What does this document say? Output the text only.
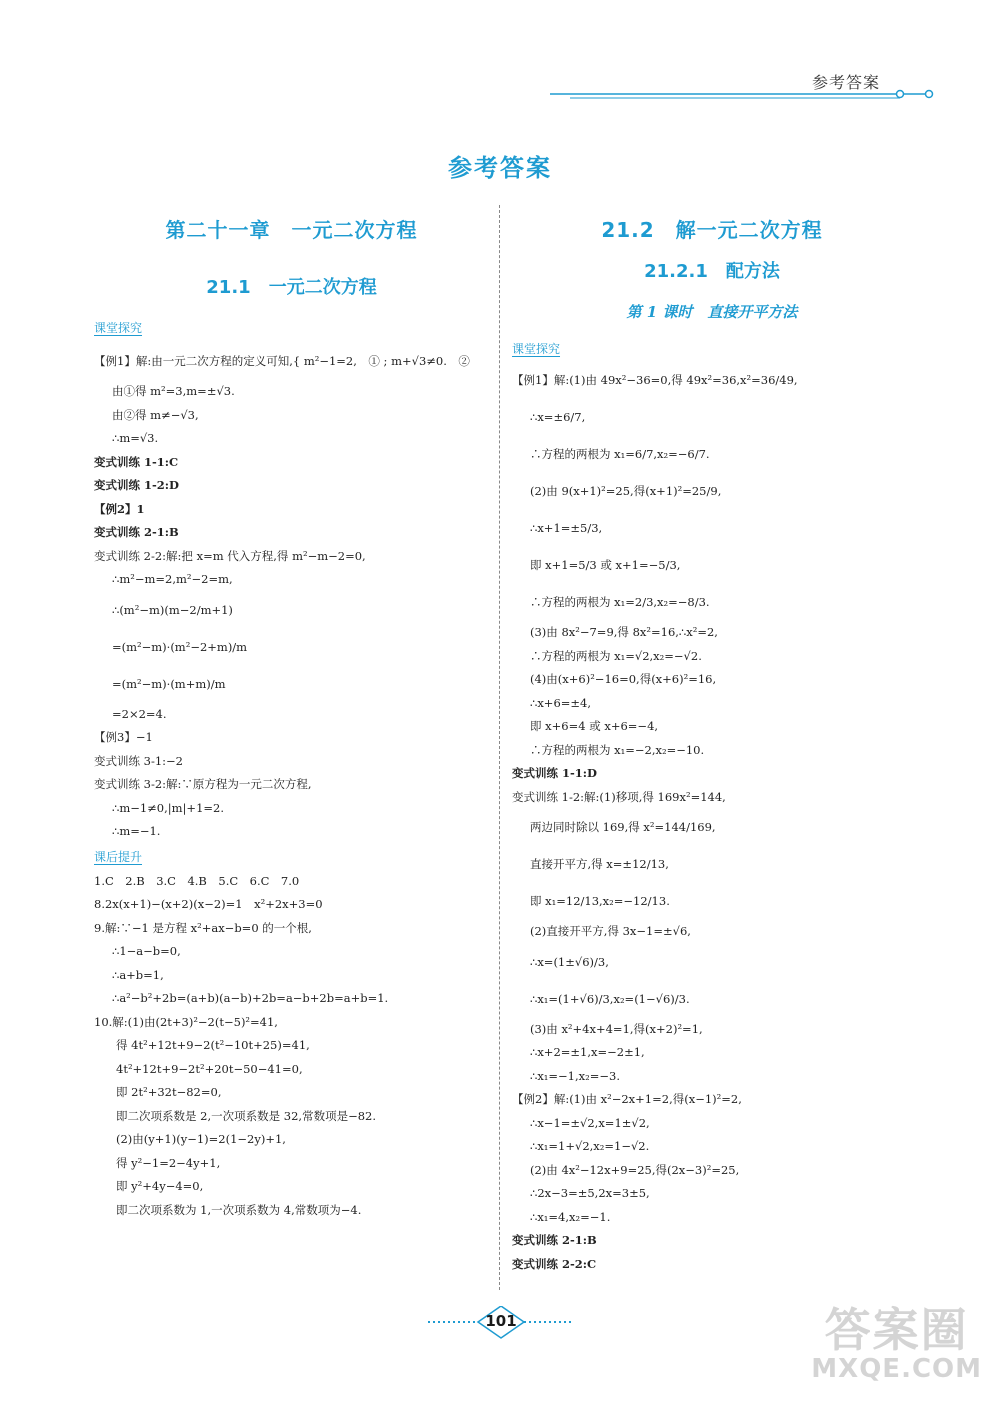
参考答案
参考答案
第二十一章　一元二次方程
21.1　一元二次方程
课堂探究
【例1】解:由一元二次方程的定义可知,{ m²−1=2,　① ; m+√3≠0.　②
由①得 m²=3,m=±√3.
由②得 m≠−√3,
∴m=√3.
变式训练 1-1:C
变式训练 1-2:D
【例2】1
变式训练 2-1:B
变式训练 2-2:解:把 x=m 代入方程,得 m²−m−2=0,
∴m²−m=2,m²−2=m,
∴(m²−m)(m−2/m+1)
=(m²−m)·(m²−2+m)/m
=(m²−m)·(m+m)/m
=2×2=4.
【例3】−1
变式训练 3-1:−2
变式训练 3-2:解:∵原方程为一元二次方程,
∴m−1≠0,|m|+1=2.
∴m=−1.
课后提升
1.C　2.B　3.C　4.B　5.C　6.C　7.0
8.2x(x+1)−(x+2)(x−2)=1　x²+2x+3=0
9.解:∵−1 是方程 x²+ax−b=0 的一个根,
∴1−a−b=0,
∴a+b=1,
∴a²−b²+2b=(a+b)(a−b)+2b=a−b+2b=a+b=1.
10.解:(1)由(2t+3)²−2(t−5)²=41,
得 4t²+12t+9−2(t²−10t+25)=41,
4t²+12t+9−2t²+20t−50−41=0,
即 2t²+32t−82=0,
即二次项系数是 2,一次项系数是 32,常数项是−82.
(2)由(y+1)(y−1)=2(1−2y)+1,
得 y²−1=2−4y+1,
即 y²+4y−4=0,
即二次项系数为 1,一次项系数为 4,常数项为−4.
21.2　解一元二次方程
21.2.1　配方法
第 1 课时　直接开平方法
课堂探究
【例1】解:(1)由 49x²−36=0,得 49x²=36,x²=36/49,
∴x=±6/7,
∴方程的两根为 x₁=6/7,x₂=−6/7.
(2)由 9(x+1)²=25,得(x+1)²=25/9,
∴x+1=±5/3,
即 x+1=5/3 或 x+1=−5/3,
∴方程的两根为 x₁=2/3,x₂=−8/3.
(3)由 8x²−7=9,得 8x²=16,∴x²=2,
∴方程的两根为 x₁=√2,x₂=−√2.
(4)由(x+6)²−16=0,得(x+6)²=16,
∴x+6=±4,
即 x+6=4 或 x+6=−4,
∴方程的两根为 x₁=−2,x₂=−10.
变式训练 1-1:D
变式训练 1-2:解:(1)移项,得 169x²=144,
两边同时除以 169,得 x²=144/169,
直接开平方,得 x=±12/13,
即 x₁=12/13,x₂=−12/13.
(2)直接开平方,得 3x−1=±√6,
∴x=(1±√6)/3,
∴x₁=(1+√6)/3,x₂=(1−√6)/3.
(3)由 x²+4x+4=1,得(x+2)²=1,
∴x+2=±1,x=−2±1,
∴x₁=−1,x₂=−3.
【例2】解:(1)由 x²−2x+1=2,得(x−1)²=2,
∴x−1=±√2,x=1±√2,
∴x₁=1+√2,x₂=1−√2.
(2)由 4x²−12x+9=25,得(2x−3)²=25,
∴2x−3=±5,2x=3±5,
∴x₁=4,x₂=−1.
变式训练 2-1:B
变式训练 2-2:C
101	答案圈
MXQE.COM
